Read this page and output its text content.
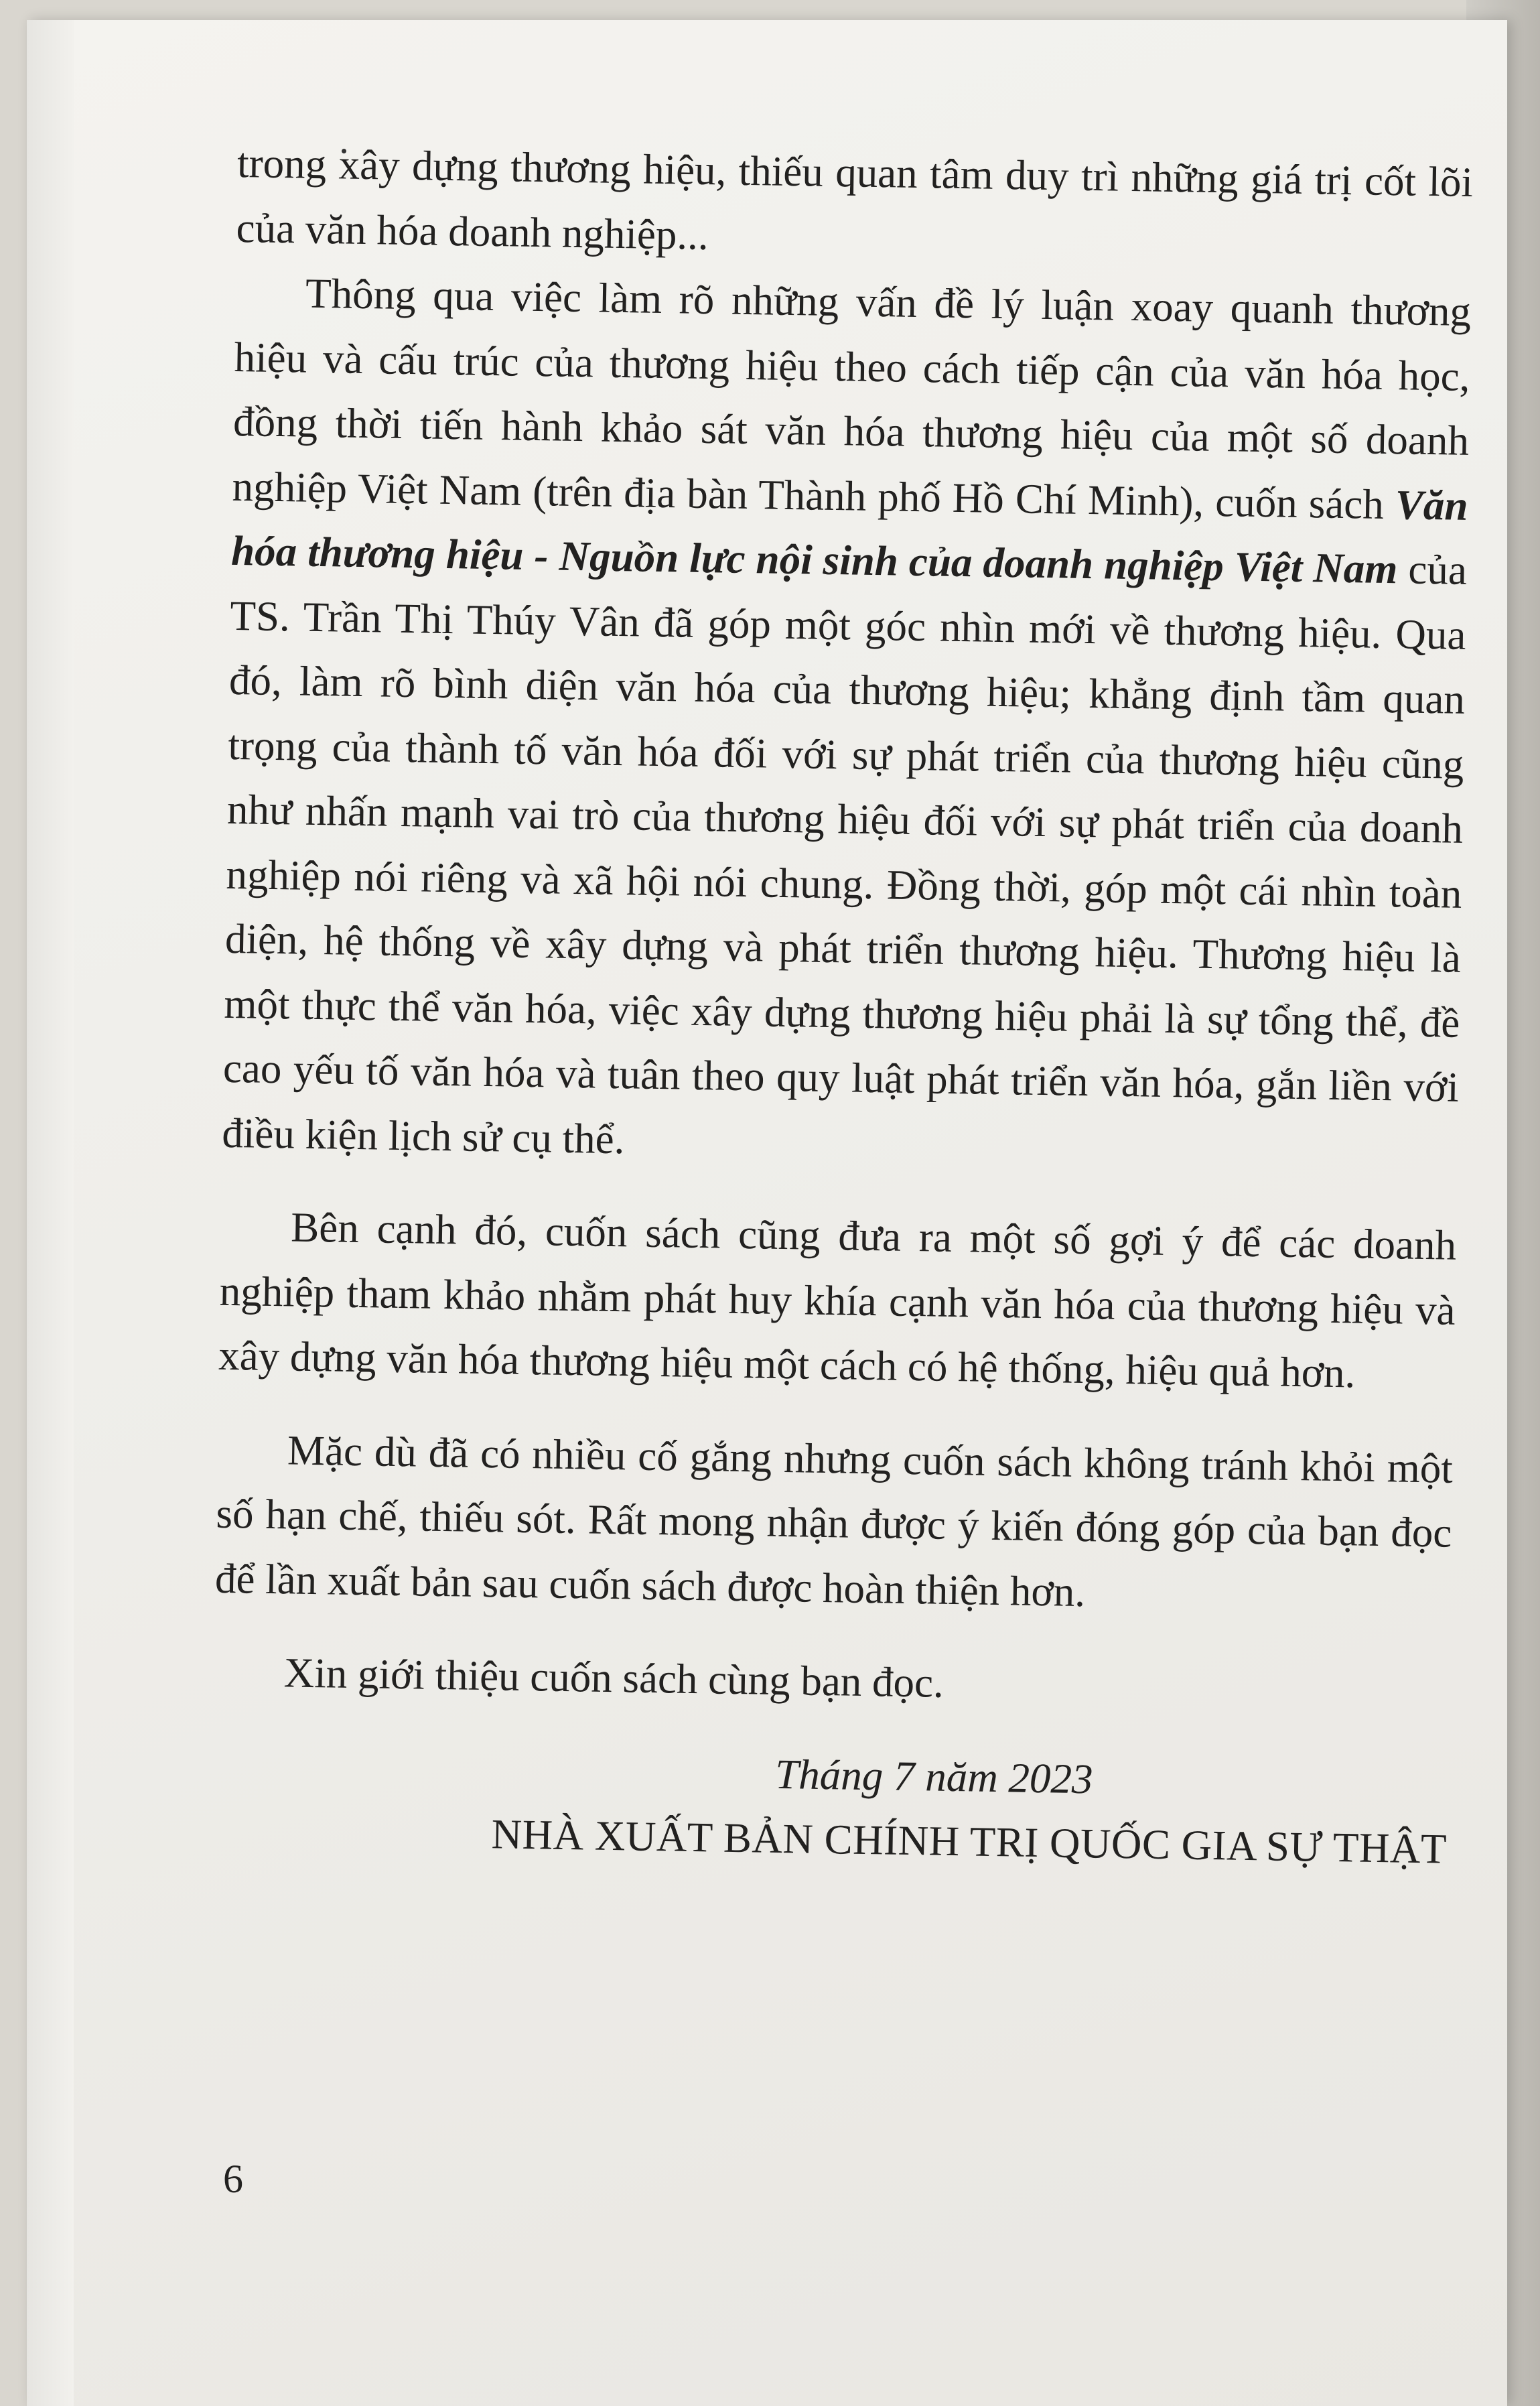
trong xây dựng thương hiệu, thiếu quan tâm duy trì những giá trị cốt lõi của văn hóa doanh nghiệp...

Thông qua việc làm rõ những vấn đề lý luận xoay quanh thương hiệu và cấu trúc của thương hiệu theo cách tiếp cận của văn hóa học, đồng thời tiến hành khảo sát văn hóa thương hiệu của một số doanh nghiệp Việt Nam (trên địa bàn Thành phố Hồ Chí Minh), cuốn sách Văn hóa thương hiệu - Nguồn lực nội sinh của doanh nghiệp Việt Nam của TS. Trần Thị Thúy Vân đã góp một góc nhìn mới về thương hiệu. Qua đó, làm rõ bình diện văn hóa của thương hiệu; khẳng định tầm quan trọng của thành tố văn hóa đối với sự phát triển của thương hiệu cũng như nhấn mạnh vai trò của thương hiệu đối với sự phát triển của doanh nghiệp nói riêng và xã hội nói chung. Đồng thời, góp một cái nhìn toàn diện, hệ thống về xây dựng và phát triển thương hiệu. Thương hiệu là một thực thể văn hóa, việc xây dựng thương hiệu phải là sự tổng thể, đề cao yếu tố văn hóa và tuân theo quy luật phát triển văn hóa, gắn liền với điều kiện lịch sử cụ thể.

Bên cạnh đó, cuốn sách cũng đưa ra một số gợi ý để các doanh nghiệp tham khảo nhằm phát huy khía cạnh văn hóa của thương hiệu và xây dựng văn hóa thương hiệu một cách có hệ thống, hiệu quả hơn.

Mặc dù đã có nhiều cố gắng nhưng cuốn sách không tránh khỏi một số hạn chế, thiếu sót. Rất mong nhận được ý kiến đóng góp của bạn đọc để lần xuất bản sau cuốn sách được hoàn thiện hơn.

Xin giới thiệu cuốn sách cùng bạn đọc.

Tháng 7 năm 2023

NHÀ XUẤT BẢN CHÍNH TRỊ QUỐC GIA SỰ THẬT

6
